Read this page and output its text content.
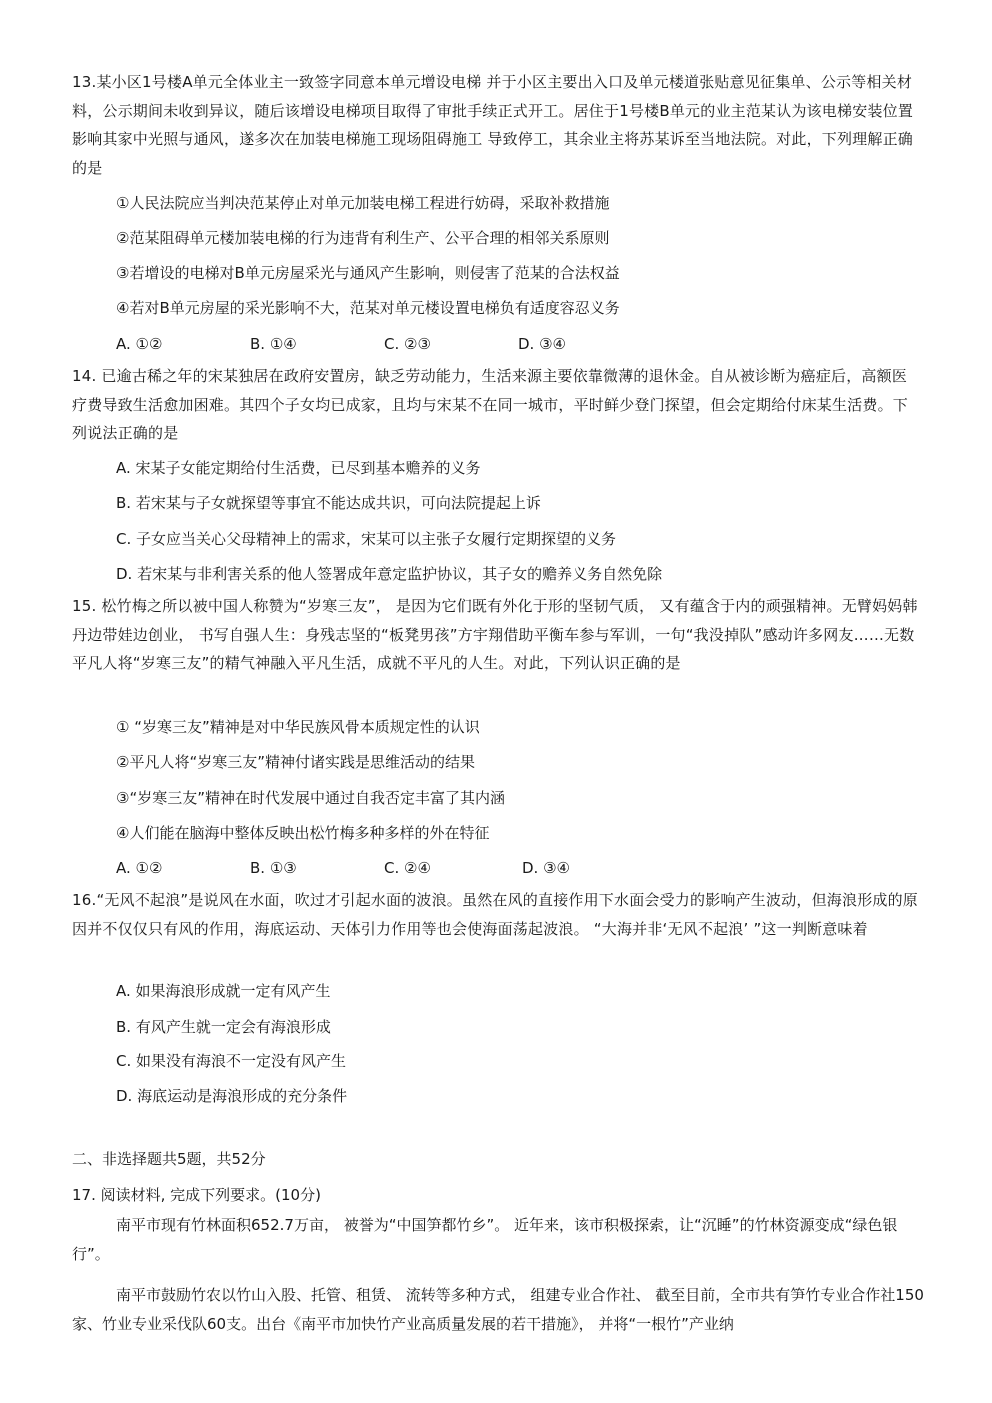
13.某小区1号楼A单元全体业主一致签字同意本单元增设电梯 并于小区主要出入口及单元楼道张贴意见征集单、公示等相关材料，公示期间未收到异议，随后该增设电梯项目取得了审批手续正式开工。居住于1号楼B单元的业主范某认为该电梯安装位置影响其家中光照与通风，遂多次在加装电梯施工现场阻碍施工 导致停工，其余业主将苏某诉至当地法院。对此，下列理解正确的是
①人民法院应当判决范某停止对单元加装电梯工程进行妨碍，采取补救措施
②范某阻碍单元楼加装电梯的行为违背有利生产、公平合理的相邻关系原则
③若增设的电梯对B单元房屋采光与通风产生影响，则侵害了范某的合法权益
④若对B单元房屋的采光影响不大，范某对单元楼设置电梯负有适度容忍义务
A. ①②	B. ①④	C. ②③	D. ③④
14. 已逾古稀之年的宋某独居在政府安置房，缺乏劳动能力，生活来源主要依靠微薄的退休金。自从被诊断为癌症后，高额医疗费导致生活愈加困难。其四个子女均已成家，且均与宋某不在同一城市，平时鲜少登门探望，但会定期给付床某生活费。下列说法正确的是
A. 宋某子女能定期给付生活费，已尽到基本赡养的义务
B. 若宋某与子女就探望等事宜不能达成共识，可向法院提起上诉
C. 子女应当关心父母精神上的需求，宋某可以主张子女履行定期探望的义务
D. 若宋某与非利害关系的他人签署成年意定监护协议，其子女的赡养义务自然免除
15. 松竹梅之所以被中国人称赞为“岁寒三友”， 是因为它们既有外化于形的坚韧气质， 又有蕴含于内的顽强精神。无臂妈妈韩丹边带娃边创业， 书写自强人生：身残志坚的“板凳男孩”方宇翔借助平衡车参与军训，一句“我没掉队”感动许多网友……无数平凡人将“岁寒三友”的精气神融入平凡生活，成就不平凡的人生。对此，下列认识正确的是
① “岁寒三友”精神是对中华民族风骨本质规定性的认识
②平凡人将“岁寒三友”精神付诸实践是思维活动的结果
③“岁寒三友”精神在时代发展中通过自我否定丰富了其内涵
④人们能在脑海中整体反映出松竹梅多种多样的外在特征
A. ①②	B. ①③	C. ②④	D. ③④
16.“无风不起浪”是说风在水面，吹过才引起水面的波浪。虽然在风的直接作用下水面会受力的影响产生波动，但海浪形成的原因并不仅仅只有风的作用，海底运动、天体引力作用等也会使海面荡起波浪。 “大海并非‘无风不起浪’ ”这一判断意味着
A. 如果海浪形成就一定有风产生
B. 有风产生就一定会有海浪形成
C. 如果没有海浪不一定没有风产生
D. 海底运动是海浪形成的充分条件
二、非选择题共5题，共52分
17. 阅读材料, 完成下列要求。(10分)
南平市现有竹林面积652.7万亩， 被誉为“中国笋都竹乡”。 近年来，该市积极探索，让“沉睡”的竹林资源变成“绿色银行”。
南平市鼓励竹农以竹山入股、托管、租赁、 流转等多种方式， 组建专业合作社、 截至目前，全市共有笋竹专业合作社150家、竹业专业采伐队60支。出台《南平市加快竹产业高质量发展的若干措施》， 并将“一根竹”产业纳
